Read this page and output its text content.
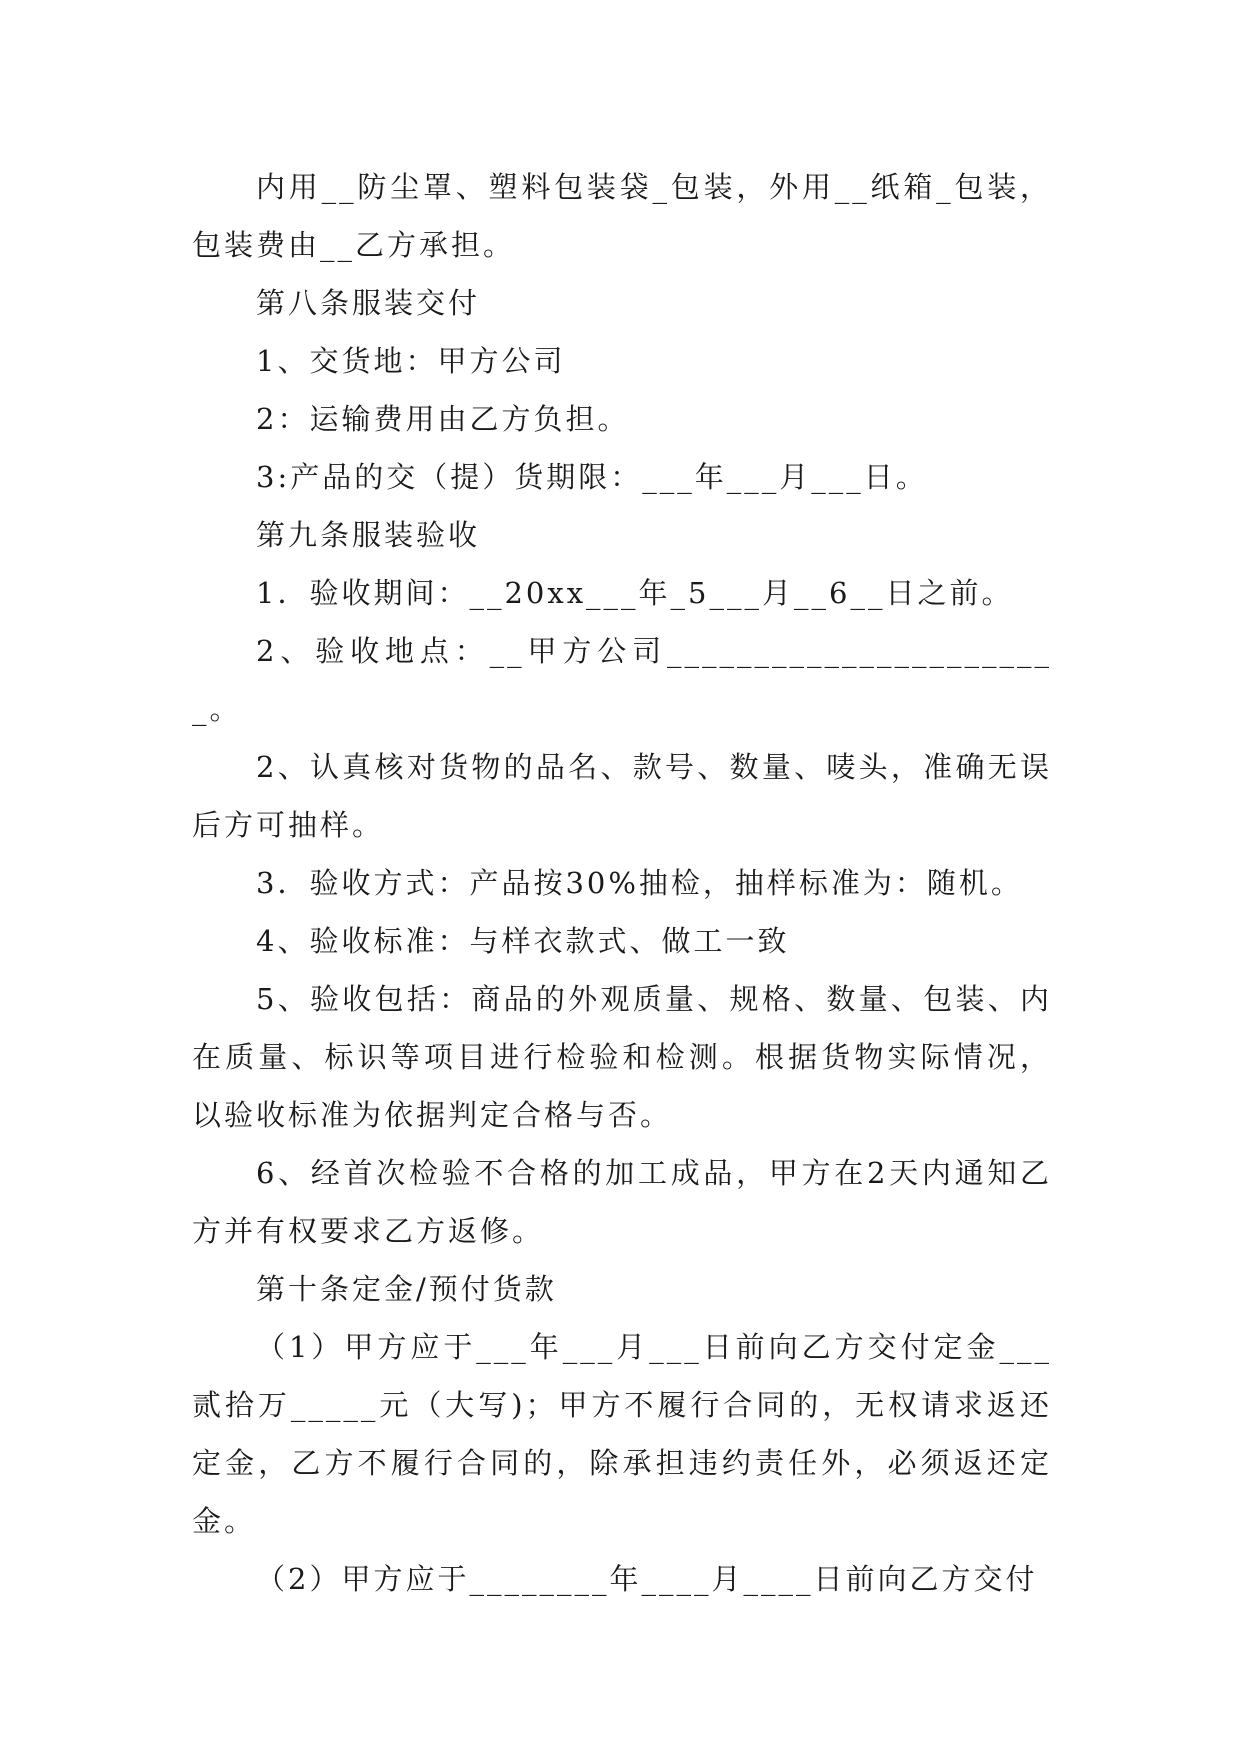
内用__防尘罩、塑料包装袋_包装，外用__纸箱_包装，包装费由__乙方承担。

第八条服装交付

1、交货地：甲方公司

2：运输费用由乙方负担。

3:产品的交（提）货期限：___年___月___日。

第九条服装验收

1．验收期间：__20xx___年_5___月__6__日之前。

2、验收地点：__甲方公司_______________________。

2、认真核对货物的品名、款号、数量、唛头，准确无误后方可抽样。

3．验收方式：产品按30%抽检，抽样标准为：随机。

4、验收标准：与样衣款式、做工一致

5、验收包括：商品的外观质量、规格、数量、包装、内在质量、标识等项目进行检验和检测。根据货物实际情况，以验收标准为依据判定合格与否。

6、经首次检验不合格的加工成品，甲方在2天内通知乙方并有权要求乙方返修。

第十条定金/预付货款

（1）甲方应于___年___月___日前向乙方交付定金___贰拾万_____元（大写)；甲方不履行合同的，无权请求返还定金，乙方不履行合同的，除承担违约责任外，必须返还定金。

（2）甲方应于________年____月____日前向乙方交付
